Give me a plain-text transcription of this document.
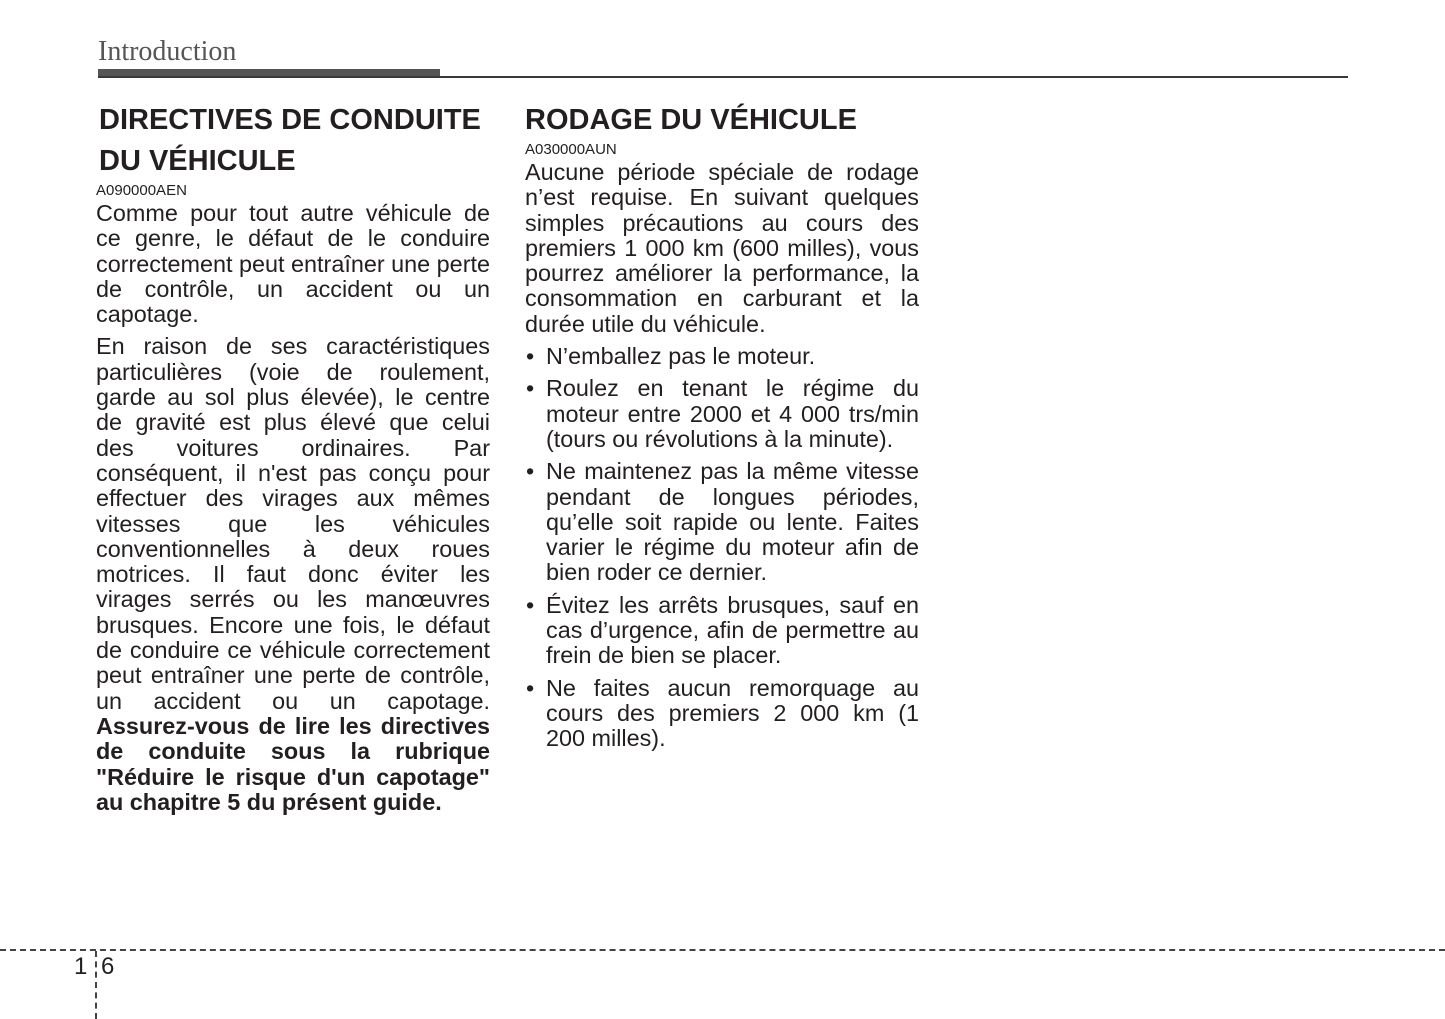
Introduction
DIRECTIVES DE CONDUITE
DU VÉHICULE
A090000AEN

Comme pour tout autre véhicule de ce genre, le défaut de le conduire correctement peut entraîner une perte de contrôle, un accident ou un capotage.

En raison de ses caractéristiques particulières (voie de roulement, garde au sol plus élevée), le centre de gravité est plus élevé que celui des voitures ordinaires. Par conséquent, il n'est pas conçu pour effectuer des virages aux mêmes vitesses que les véhicules conventionnelles à deux roues motrices. Il faut donc éviter les virages serrés ou les manœuvres brusques. Encore une fois, le défaut de conduire ce véhicule correctement peut entraîner une perte de contrôle, un accident ou un capotage. Assurez-vous de lire les directives de conduite sous la rubrique "Réduire le risque d'un capotage" au chapitre 5 du présent guide.

RODAGE DU VÉHICULE
A030000AUN

Aucune période spéciale de rodage n’est requise. En suivant quelques simples précautions au cours des premiers 1 000 km (600 milles), vous pourrez améliorer la performance, la consommation en carburant et la durée utile du véhicule.

• N’emballez pas le moteur.
• Roulez en tenant le régime du moteur entre 2000 et 4 000 trs/min (tours ou révolutions à la minute).
• Ne maintenez pas la même vitesse pendant de longues périodes, qu’elle soit rapide ou lente. Faites varier le régime du moteur afin de bien roder ce dernier.
• Évitez les arrêts brusques, sauf en cas d’urgence, afin de permettre au frein de bien se placer.
• Ne faites aucun remorquage au cours des premiers 2 000 km (1 200 milles).
1 6
